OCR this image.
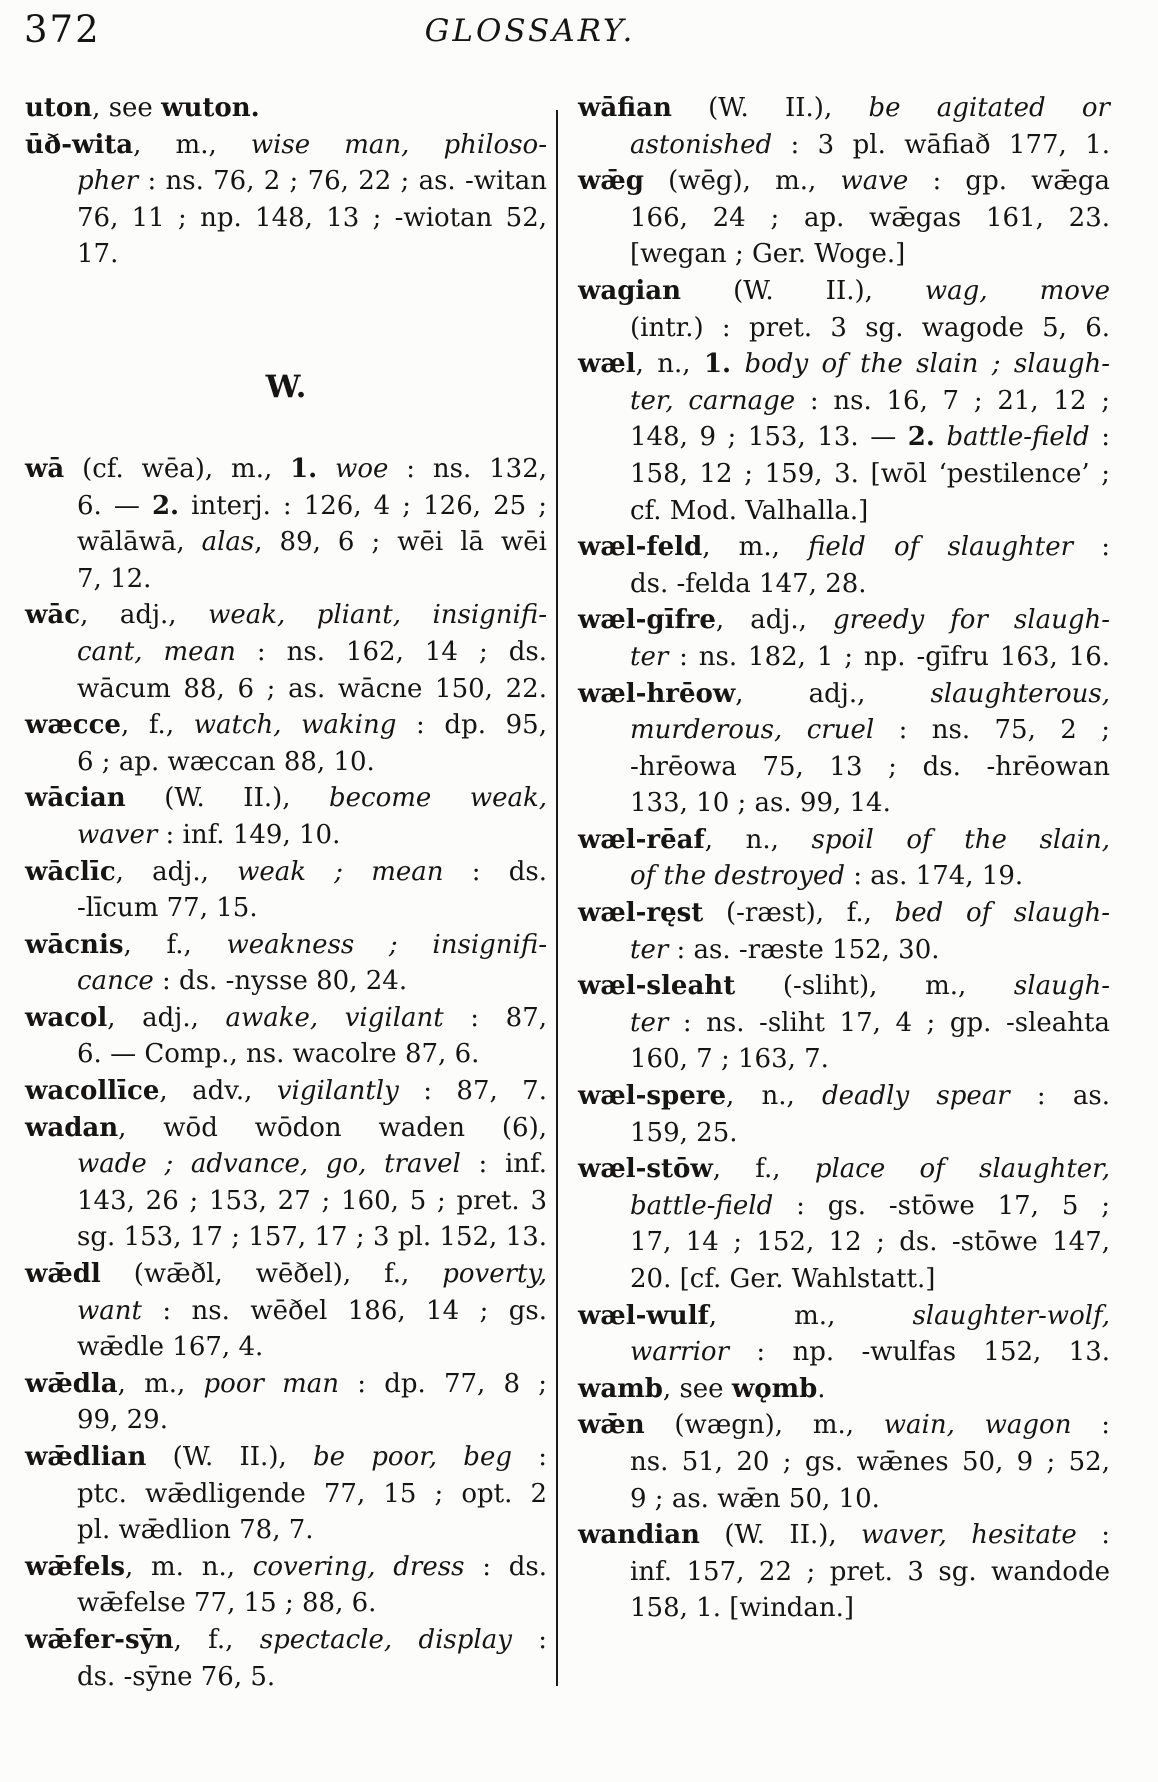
372	GLOSSARY.
uton, see wuton.
ūð-wita, m., wise man, philoso-
pher : ns. 76, 2 ; 76, 22 ; as. -witan
76, 11 ; np. 148, 13 ; -wiotan 52, 17.
W.
wā (cf. wēa), m., 1. woe : ns. 132,
6. — 2. interj. : 126, 4 ; 126, 25 ;
wālāwā, alas, 89, 6 ; wēi lā wēi
7, 12.
wāc, adj., weak, pliant, insignifi-
cant, mean : ns. 162, 14 ; ds.
wācum 88, 6 ; as. wācne 150, 22.
wæcce, f., watch, waking : dp. 95,
6 ; ap. wæccan 88, 10.
wācian (W. II.), become weak,
waver : inf. 149, 10.
wāclīc, adj., weak ; mean : ds.
-līcum 77, 15.
wācnis, f., weakness ; insignifi-
cance : ds. -nysse 80, 24.
wacol, adj., awake, vigilant : 87,
6. — Comp., ns. wacolre 87, 6.
wacollīce, adv., vigilantly : 87, 7.
wadan, wōd wōdon waden (6),
wade ; advance, go, travel : inf.
143, 26 ; 153, 27 ; 160, 5 ; pret. 3
sg. 153, 17 ; 157, 17 ; 3 pl. 152, 13.
wǣdl (wǣðl, wēðel), f., poverty,
want : ns. wēðel 186, 14 ; gs.
wǣdle 167, 4.
wǣdla, m., poor man : dp. 77, 8 ;
99, 29.
wǣdlian (W. II.), be poor, beg :
ptc. wǣdligende 77, 15 ; opt. 2
pl. wǣdlion 78, 7.
wǣfels, m. n., covering, dress : ds.
wǣfelse 77, 15 ; 88, 6.
wǣfer-sȳn, f., spectacle, display :
ds. -sȳne 76, 5.
wāfian (W. II.), be agitated or
astonished : 3 pl. wāfiað 177, 1.
wǣg (wēg), m., wave : gp. wǣga
166, 24 ; ap. wǣgas 161, 23.
[wegan ; Ger. Woge.]
wagian (W. II.), wag, move
(intr.) : pret. 3 sg. wagode 5, 6.
wæl, n., 1. body of the slain ; slaugh-
ter, carnage : ns. 16, 7 ; 21, 12 ;
148, 9 ; 153, 13. — 2. battle-field :
158, 12 ; 159, 3. [wōl ‘pestilence’ ;
cf. Mod. Valhalla.]
wæl-feld, m., field of slaughter :
ds. -felda 147, 28.
wæl-gīfre, adj., greedy for slaugh-
ter : ns. 182, 1 ; np. -gīfru 163, 16.
wæl-hrēow, adj., slaughterous,
murderous, cruel : ns. 75, 2 ;
-hrēowa 75, 13 ; ds. -hrēowan
133, 10 ; as. 99, 14.
wæl-rēaf, n., spoil of the slain,
of the destroyed : as. 174, 19.
wæl-ręst (-ræst), f., bed of slaugh-
ter : as. -ræste 152, 30.
wæl-sleaht (-sliht), m., slaugh-
ter : ns. -sliht 17, 4 ; gp. -sleahta
160, 7 ; 163, 7.
wæl-spere, n., deadly spear : as.
159, 25.
wæl-stōw, f., place of slaughter,
battle-field : gs. -stōwe 17, 5 ;
17, 14 ; 152, 12 ; ds. -stōwe 147,
20. [cf. Ger. Wahlstatt.]
wæl-wulf, m., slaughter-wolf,
warrior : np. -wulfas 152, 13.
wamb, see wǫmb.
wǣn (wægn), m., wain, wagon :
ns. 51, 20 ; gs. wǣnes 50, 9 ; 52,
9 ; as. wǣn 50, 10.
wandian (W. II.), waver, hesitate :
inf. 157, 22 ; pret. 3 sg. wandode
158, 1. [windan.]
